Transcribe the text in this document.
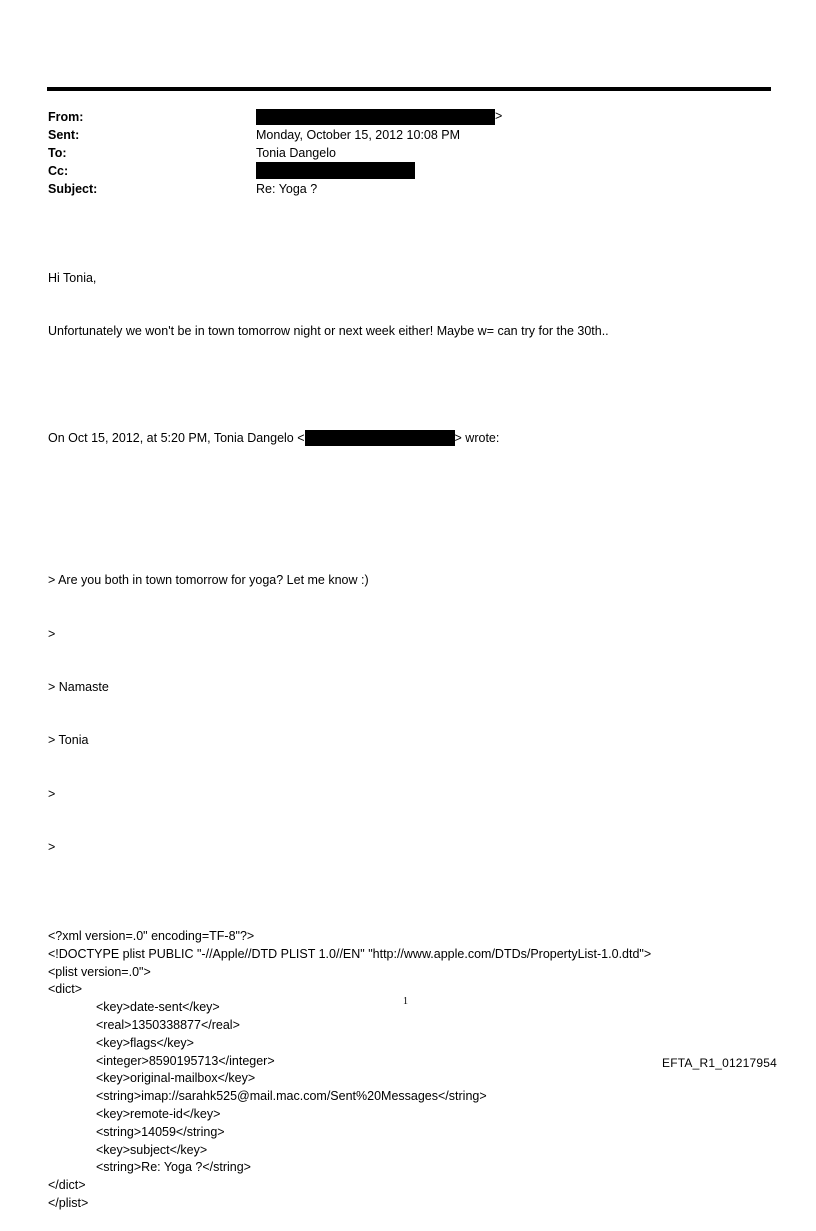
From:	>
Sent:	Monday, October 15, 2012 10:08 PM
To:	Tonia Dangelo
Cc:
Subject:	Re: Yoga ?

Hi Tonia,

Unfortunately we won't be in town tomorrow night or next week either! Maybe w= can try for the 30th..

On Oct 15, 2012, at 5:20 PM, Tonia Dangelo <	> wrote:

> Are you both in town tomorrow for yoga? Let me know :)

>

> Namaste

> Tonia

>

>

<?xml version=.0" encoding=TF-8"?>
<!DOCTYPE plist PUBLIC "-//Apple//DTD PLIST 1.0//EN" "http://www.apple.com/DTDs/PropertyList-1.0.dtd">
<plist version=.0">
<dict>
<key>date-sent</key>
<real>1350338877</real>
<key>flags</key>
<integer>8590195713</integer>
<key>original-mailbox</key>
<string>imap://sarahk525@mail.mac.com/Sent%20Messages</string>
<key>remote-id</key>
<string>14059</string>
<key>subject</key>
<string>Re: Yoga ?</string>
</dict>
</plist>

1
EFTA_R1_01217954
